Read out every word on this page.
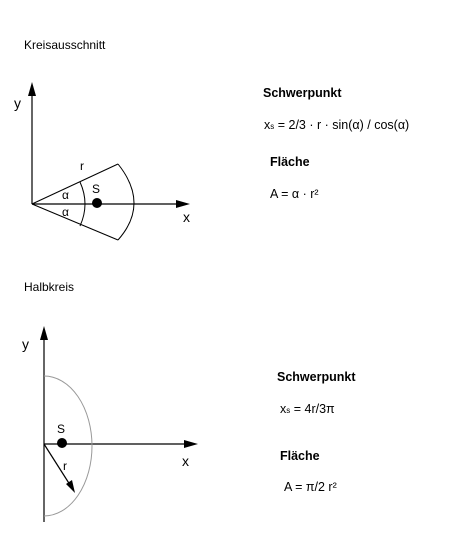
Kreisausschnitt
y
x
r
S
α
α
y
x
S
r
Schwerpunkt
xs = 2/3 · r · sin(α) / cos(α)
Fläche
A = α · r²
Halbkreis
Schwerpunkt
xs = 4r/3π
Fläche
A = π/2 r²
